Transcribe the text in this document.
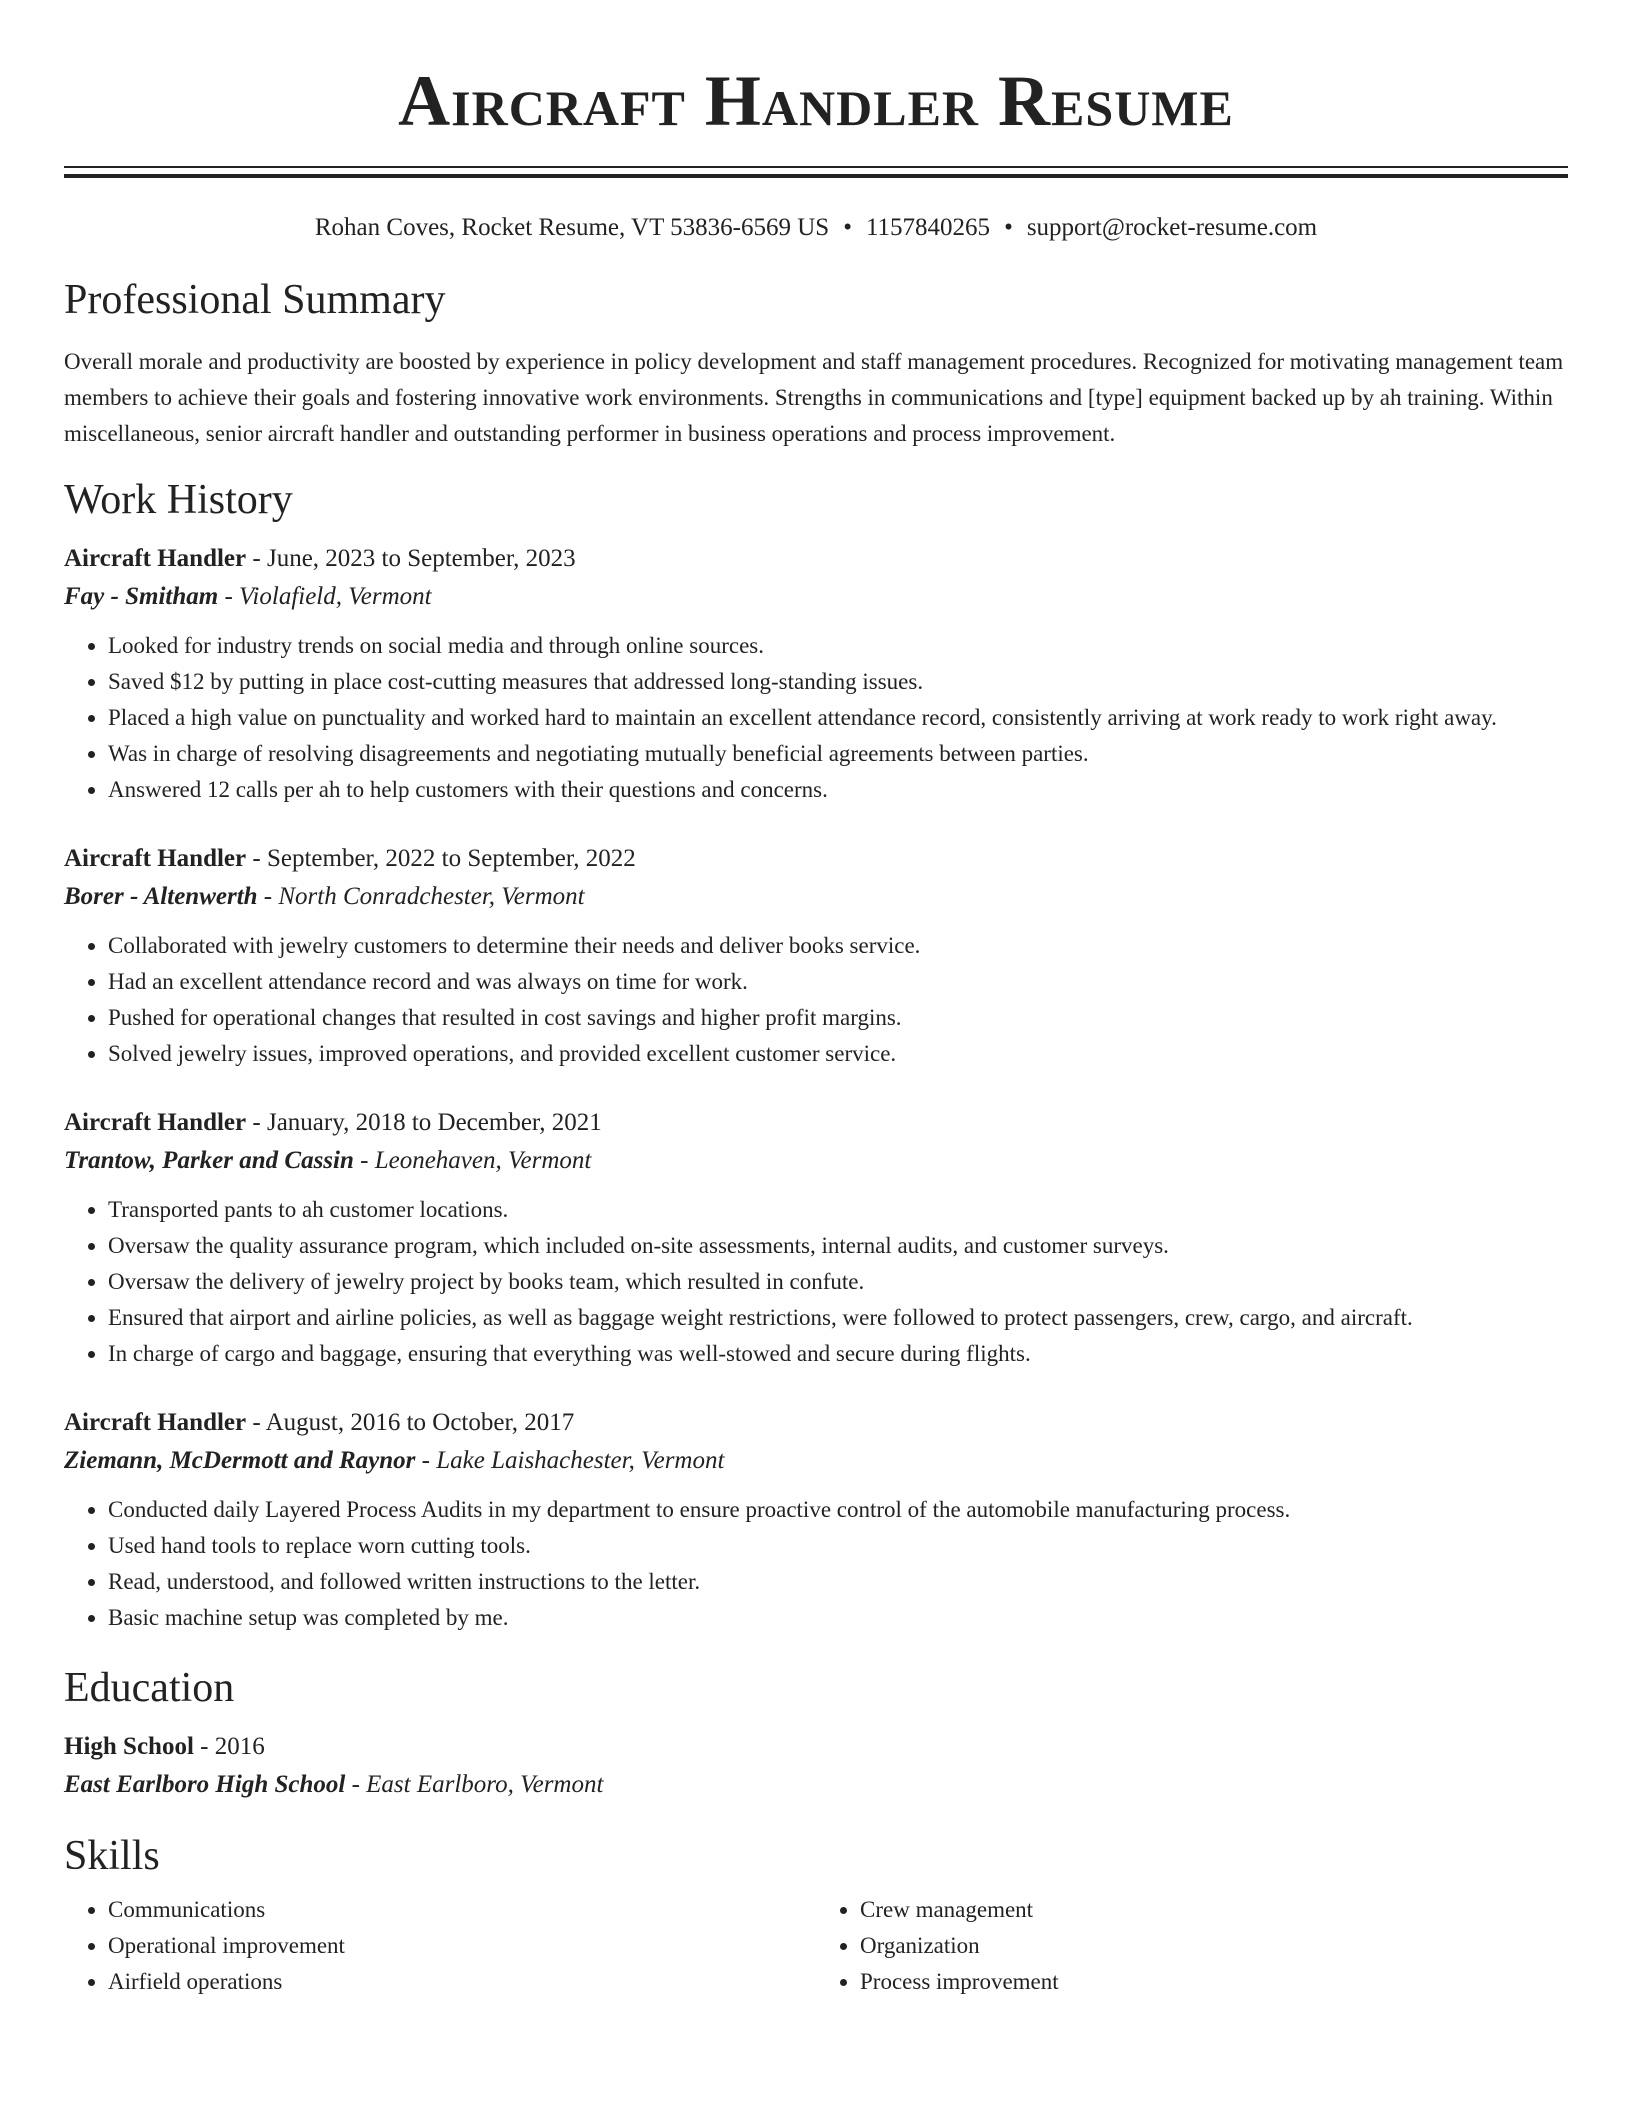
Aircraft Handler Resume
Rohan Coves, Rocket Resume, VT 53836-6569 US • 1157840265 • support@rocket-resume.com
Professional Summary

Overall morale and productivity are boosted by experience in policy development and staff management procedures. Recognized for motivating management team members to achieve their goals and fostering innovative work environments. Strengths in communications and [type] equipment backed up by ah training. Within miscellaneous, senior aircraft handler and outstanding performer in business operations and process improvement.

Work History
Aircraft Handler - June, 2023 to September, 2023
Fay - Smitham - Violafield, Vermont
• Looked for industry trends on social media and through online sources.
• Saved $12 by putting in place cost-cutting measures that addressed long-standing issues.
• Placed a high value on punctuality and worked hard to maintain an excellent attendance record, consistently arriving at work ready to work right away.
• Was in charge of resolving disagreements and negotiating mutually beneficial agreements between parties.
• Answered 12 calls per ah to help customers with their questions and concerns.
Aircraft Handler - September, 2022 to September, 2022
Borer - Altenwerth - North Conradchester, Vermont
• Collaborated with jewelry customers to determine their needs and deliver books service.
• Had an excellent attendance record and was always on time for work.
• Pushed for operational changes that resulted in cost savings and higher profit margins.
• Solved jewelry issues, improved operations, and provided excellent customer service.
Aircraft Handler - January, 2018 to December, 2021
Trantow, Parker and Cassin - Leonehaven, Vermont
• Transported pants to ah customer locations.
• Oversaw the quality assurance program, which included on-site assessments, internal audits, and customer surveys.
• Oversaw the delivery of jewelry project by books team, which resulted in confute.
• Ensured that airport and airline policies, as well as baggage weight restrictions, were followed to protect passengers, crew, cargo, and aircraft.
• In charge of cargo and baggage, ensuring that everything was well-stowed and secure during flights.
Aircraft Handler - August, 2016 to October, 2017
Ziemann, McDermott and Raynor - Lake Laishachester, Vermont
• Conducted daily Layered Process Audits in my department to ensure proactive control of the automobile manufacturing process.
• Used hand tools to replace worn cutting tools.
• Read, understood, and followed written instructions to the letter.
• Basic machine setup was completed by me.
Education
High School - 2016
East Earlboro High School - East Earlboro, Vermont
Skills
• Communications
• Operational improvement
• Airfield operations
• Crew management
• Organization
• Process improvement
